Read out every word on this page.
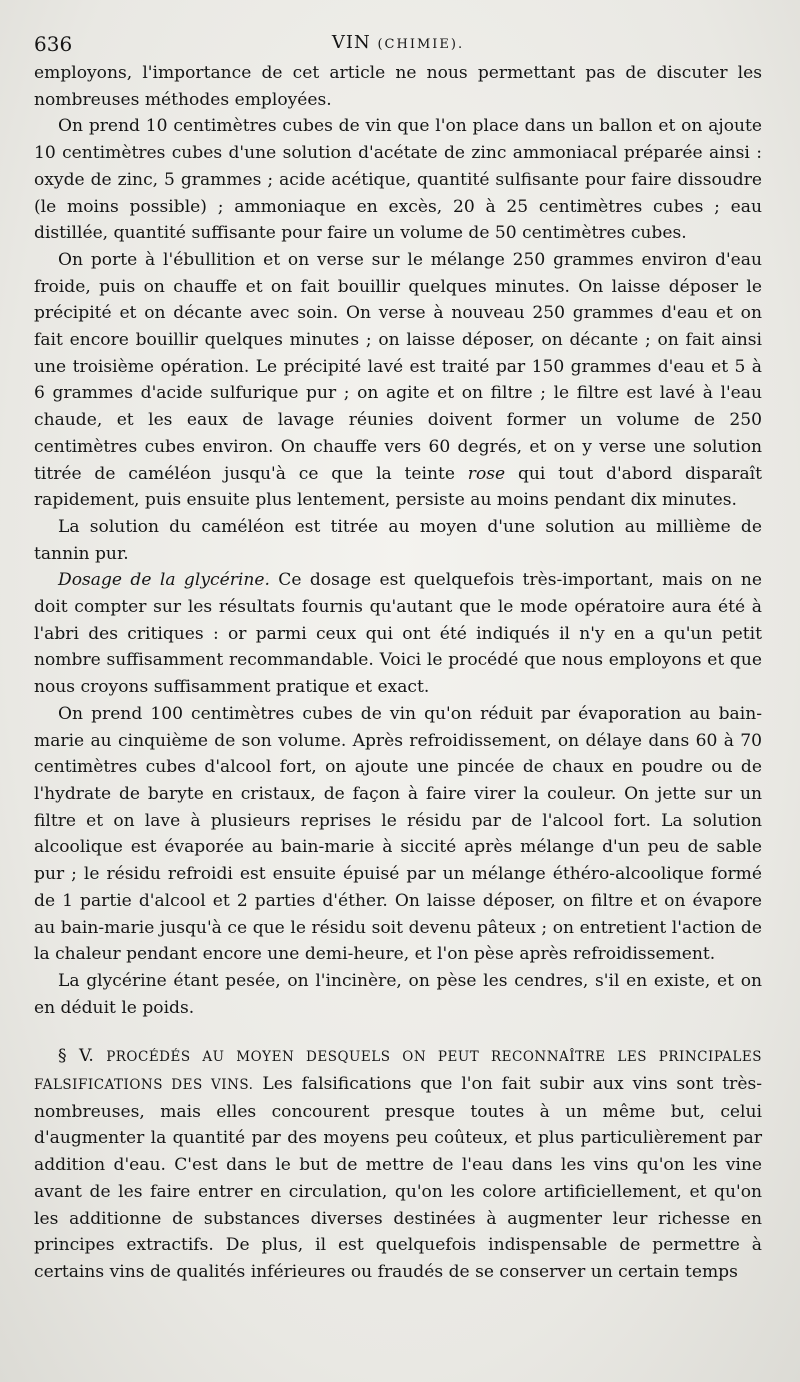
636	VIN (CHIMIE).

employons, l'importance de cet article ne nous permettant pas de discuter les nombreuses méthodes employées.

On prend 10 centimètres cubes de vin que l'on place dans un ballon et on ajoute 10 centimètres cubes d'une solution d'acétate de zinc ammoniacal préparée ainsi : oxyde de zinc, 5 grammes ; acide acétique, quantité sulfisante pour faire dissoudre (le moins possible) ; ammoniaque en excès, 20 à 25 centimètres cubes ; eau distillée, quantité suffisante pour faire un volume de 50 centimètres cubes.

On porte à l'ébullition et on verse sur le mélange 250 grammes environ d'eau froide, puis on chauffe et on fait bouillir quelques minutes. On laisse déposer le précipité et on décante avec soin. On verse à nouveau 250 grammes d'eau et on fait encore bouillir quelques minutes ; on laisse déposer, on décante ; on fait ainsi une troisième opération. Le précipité lavé est traité par 150 grammes d'eau et 5 à 6 grammes d'acide sulfurique pur ; on agite et on filtre ; le filtre est lavé à l'eau chaude, et les eaux de lavage réunies doivent former un volume de 250 centimètres cubes environ. On chauffe vers 60 degrés, et on y verse une solution titrée de caméléon jusqu'à ce que la teinte rose qui tout d'abord disparaît rapidement, puis ensuite plus lentement, persiste au moins pendant dix minutes.

La solution du caméléon est titrée au moyen d'une solution au millième de tannin pur.

Dosage de la glycérine. Ce dosage est quelquefois très-important, mais on ne doit compter sur les résultats fournis qu'autant que le mode opératoire aura été à l'abri des critiques : or parmi ceux qui ont été indiqués il n'y en a qu'un petit nombre suffisamment recommandable. Voici le procédé que nous employons et que nous croyons suffisamment pratique et exact.

On prend 100 centimètres cubes de vin qu'on réduit par évaporation au bain-marie au cinquième de son volume. Après refroidissement, on délaye dans 60 à 70 centimètres cubes d'alcool fort, on ajoute une pincée de chaux en poudre ou de l'hydrate de baryte en cristaux, de façon à faire virer la couleur. On jette sur un filtre et on lave à plusieurs reprises le résidu par de l'alcool fort. La solution alcoolique est évaporée au bain-marie à siccité après mélange d'un peu de sable pur ; le résidu refroidi est ensuite épuisé par un mélange éthéro-alcoolique formé de 1 partie d'alcool et 2 parties d'éther. On laisse déposer, on filtre et on évapore au bain-marie jusqu'à ce que le résidu soit devenu pâteux ; on entretient l'action de la chaleur pendant encore une demi-heure, et l'on pèse après refroidissement.

La glycérine étant pesée, on l'incinère, on pèse les cendres, s'il en existe, et on en déduit le poids.

§ V. PROCÉDÉS AU MOYEN DESQUELS ON PEUT RECONNAÎTRE LES PRINCIPALES FALSIFICATIONS DES VINS. Les falsifications que l'on fait subir aux vins sont très-nombreuses, mais elles concourent presque toutes à un même but, celui d'augmenter la quantité par des moyens peu coûteux, et plus particulièrement par addition d'eau. C'est dans le but de mettre de l'eau dans les vins qu'on les vine avant de les faire entrer en circulation, qu'on les colore artificiellement, et qu'on les additionne de substances diverses destinées à augmenter leur richesse en principes extractifs. De plus, il est quelquefois indispensable de permettre à certains vins de qualités inférieures ou fraudés de se conserver un certain temps
